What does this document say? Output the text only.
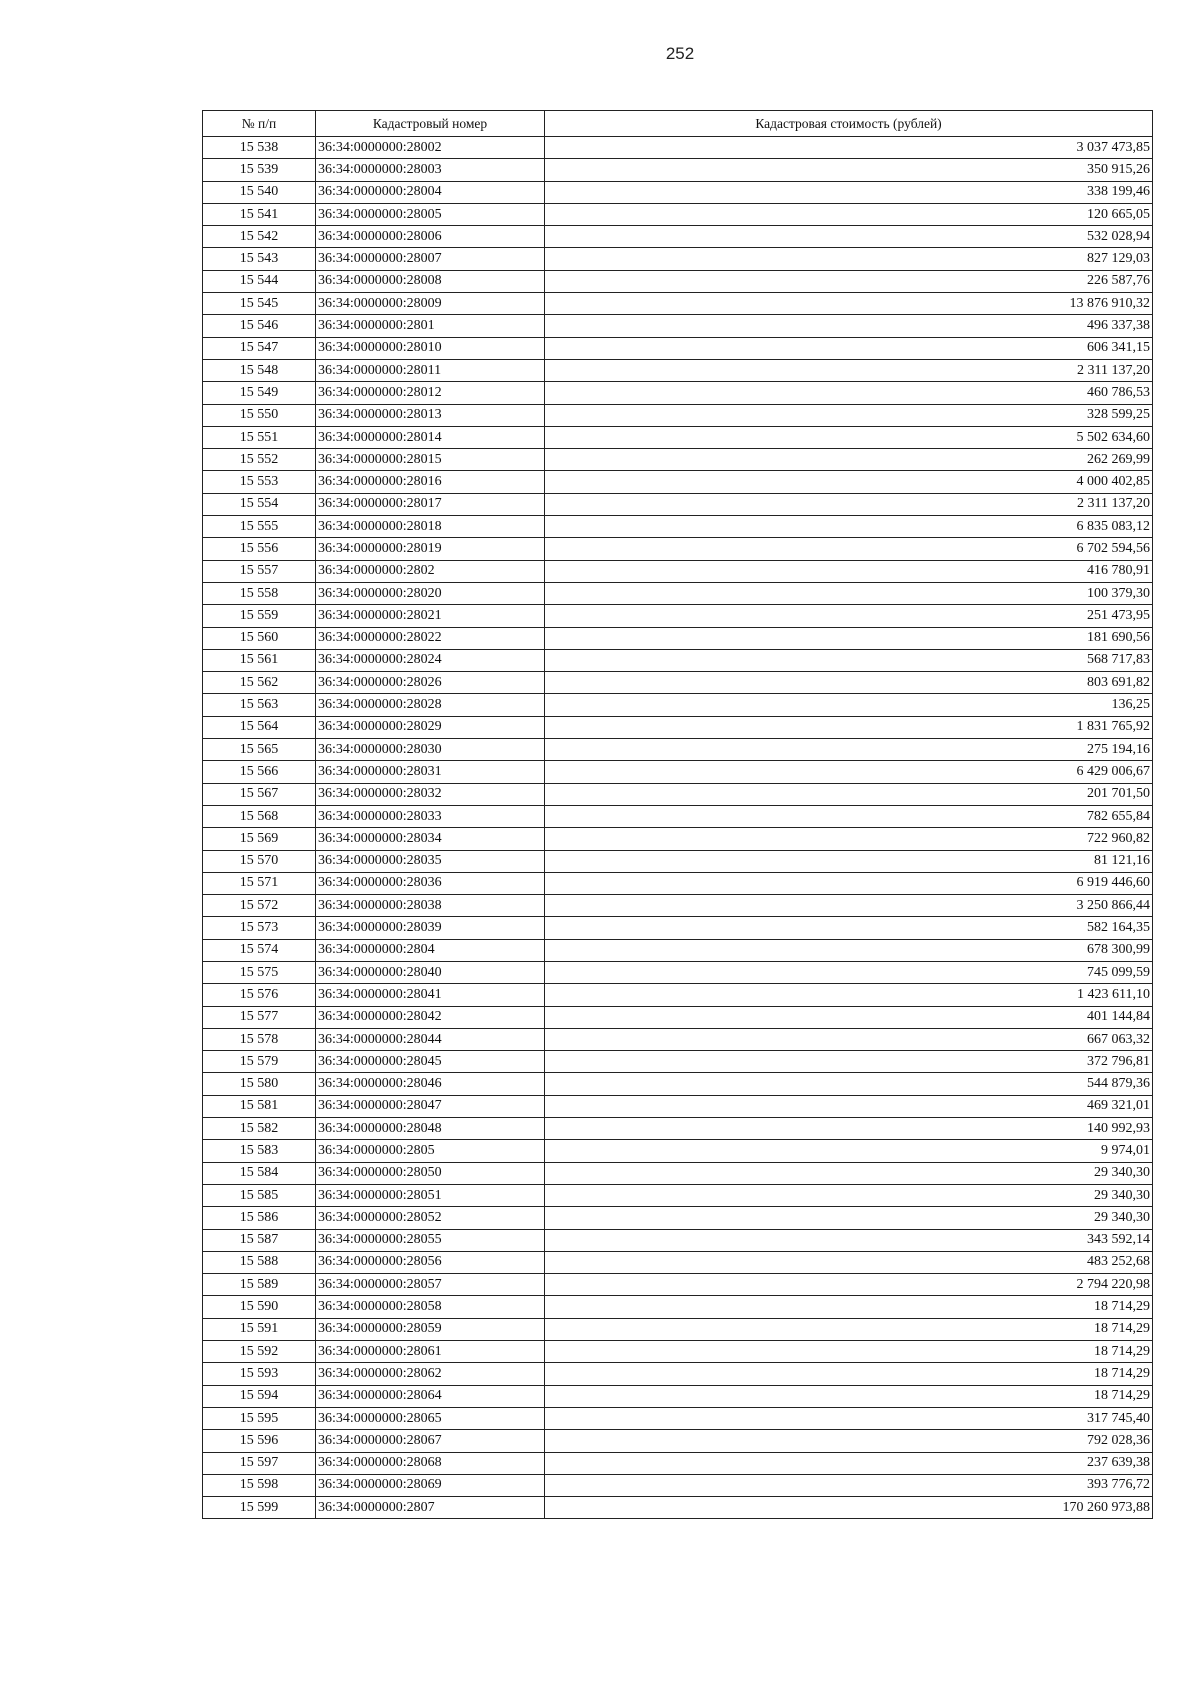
252
№ п/п	Кадастровый номер	Кадастровая стоимость (рублей)
15 538	36:34:0000000:28002	3 037 473,85
15 539	36:34:0000000:28003	350 915,26
15 540	36:34:0000000:28004	338 199,46
15 541	36:34:0000000:28005	120 665,05
15 542	36:34:0000000:28006	532 028,94
15 543	36:34:0000000:28007	827 129,03
15 544	36:34:0000000:28008	226 587,76
15 545	36:34:0000000:28009	13 876 910,32
15 546	36:34:0000000:2801	496 337,38
15 547	36:34:0000000:28010	606 341,15
15 548	36:34:0000000:28011	2 311 137,20
15 549	36:34:0000000:28012	460 786,53
15 550	36:34:0000000:28013	328 599,25
15 551	36:34:0000000:28014	5 502 634,60
15 552	36:34:0000000:28015	262 269,99
15 553	36:34:0000000:28016	4 000 402,85
15 554	36:34:0000000:28017	2 311 137,20
15 555	36:34:0000000:28018	6 835 083,12
15 556	36:34:0000000:28019	6 702 594,56
15 557	36:34:0000000:2802	416 780,91
15 558	36:34:0000000:28020	100 379,30
15 559	36:34:0000000:28021	251 473,95
15 560	36:34:0000000:28022	181 690,56
15 561	36:34:0000000:28024	568 717,83
15 562	36:34:0000000:28026	803 691,82
15 563	36:34:0000000:28028	136,25
15 564	36:34:0000000:28029	1 831 765,92
15 565	36:34:0000000:28030	275 194,16
15 566	36:34:0000000:28031	6 429 006,67
15 567	36:34:0000000:28032	201 701,50
15 568	36:34:0000000:28033	782 655,84
15 569	36:34:0000000:28034	722 960,82
15 570	36:34:0000000:28035	81 121,16
15 571	36:34:0000000:28036	6 919 446,60
15 572	36:34:0000000:28038	3 250 866,44
15 573	36:34:0000000:28039	582 164,35
15 574	36:34:0000000:2804	678 300,99
15 575	36:34:0000000:28040	745 099,59
15 576	36:34:0000000:28041	1 423 611,10
15 577	36:34:0000000:28042	401 144,84
15 578	36:34:0000000:28044	667 063,32
15 579	36:34:0000000:28045	372 796,81
15 580	36:34:0000000:28046	544 879,36
15 581	36:34:0000000:28047	469 321,01
15 582	36:34:0000000:28048	140 992,93
15 583	36:34:0000000:2805	9 974,01
15 584	36:34:0000000:28050	29 340,30
15 585	36:34:0000000:28051	29 340,30
15 586	36:34:0000000:28052	29 340,30
15 587	36:34:0000000:28055	343 592,14
15 588	36:34:0000000:28056	483 252,68
15 589	36:34:0000000:28057	2 794 220,98
15 590	36:34:0000000:28058	18 714,29
15 591	36:34:0000000:28059	18 714,29
15 592	36:34:0000000:28061	18 714,29
15 593	36:34:0000000:28062	18 714,29
15 594	36:34:0000000:28064	18 714,29
15 595	36:34:0000000:28065	317 745,40
15 596	36:34:0000000:28067	792 028,36
15 597	36:34:0000000:28068	237 639,38
15 598	36:34:0000000:28069	393 776,72
15 599	36:34:0000000:2807	170 260 973,88
